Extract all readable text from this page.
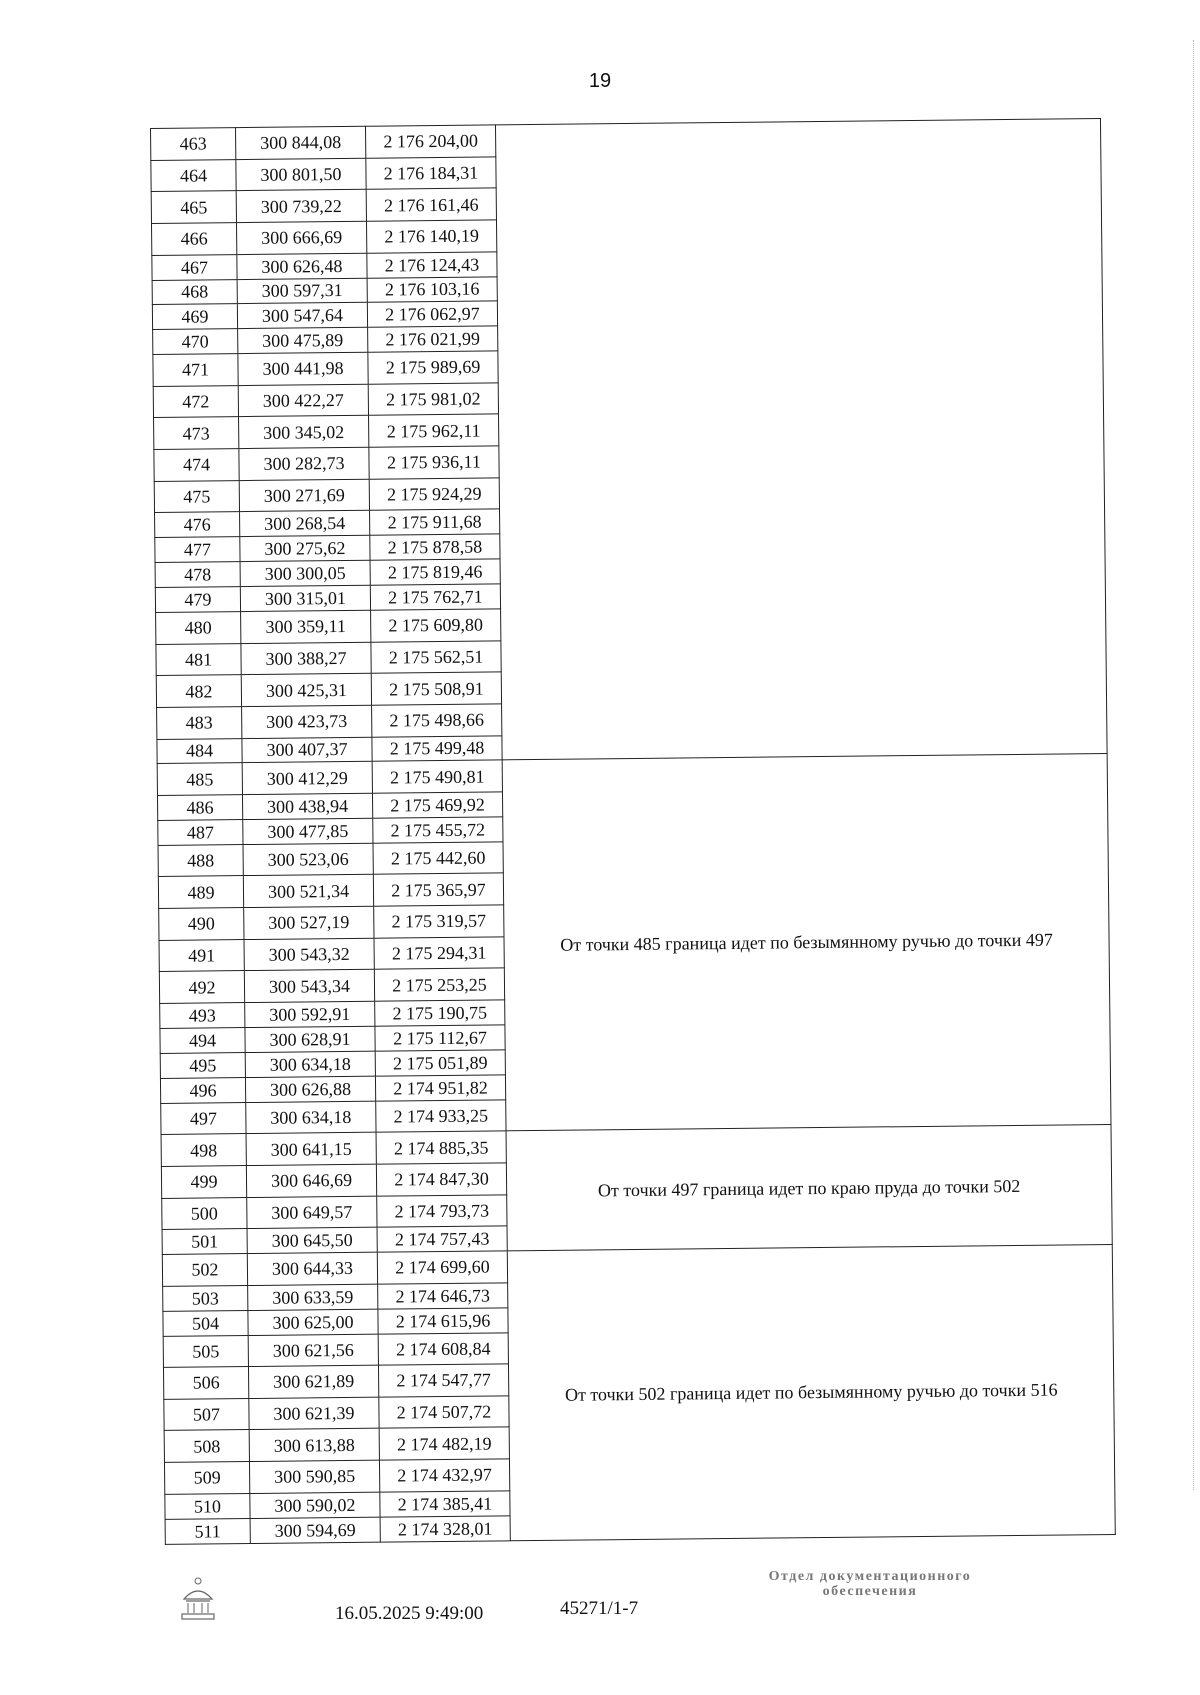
19
463	300 844,08	2 176 204,00	
464	300 801,50	2 176 184,31	
465	300 739,22	2 176 161,46	
466	300 666,69	2 176 140,19	
467	300 626,48	2 176 124,43	
468	300 597,31	2 176 103,16	
469	300 547,64	2 176 062,97	
470	300 475,89	2 176 021,99	
471	300 441,98	2 175 989,69	
472	300 422,27	2 175 981,02	
473	300 345,02	2 175 962,11	
474	300 282,73	2 175 936,11	
475	300 271,69	2 175 924,29	
476	300 268,54	2 175 911,68	
477	300 275,62	2 175 878,58	
478	300 300,05	2 175 819,46	
479	300 315,01	2 175 762,71	
480	300 359,11	2 175 609,80	
481	300 388,27	2 175 562,51	
482	300 425,31	2 175 508,91	
483	300 423,73	2 175 498,66	
484	300 407,37	2 175 499,48	
485	300 412,29	2 175 490,81	От точки 485 граница идет по безымянному ручью до точки 497
486	300 438,94	2 175 469,92	
487	300 477,85	2 175 455,72	
488	300 523,06	2 175 442,60	
489	300 521,34	2 175 365,97	
490	300 527,19	2 175 319,57	
491	300 543,32	2 175 294,31	
492	300 543,34	2 175 253,25	
493	300 592,91	2 175 190,75	
494	300 628,91	2 175 112,67	
495	300 634,18	2 175 051,89	
496	300 626,88	2 174 951,82	
497	300 634,18	2 174 933,25	
498	300 641,15	2 174 885,35	От точки 497 граница идет по краю пруда до точки 502
499	300 646,69	2 174 847,30	
500	300 649,57	2 174 793,73	
501	300 645,50	2 174 757,43	
502	300 644,33	2 174 699,60	От точки 502 граница идет по безымянному ручью до точки 516
503	300 633,59	2 174 646,73	
504	300 625,00	2 174 615,96	
505	300 621,56	2 174 608,84	
506	300 621,89	2 174 547,77	
507	300 621,39	2 174 507,72	
508	300 613,88	2 174 482,19	
509	300 590,85	2 174 432,97	
510	300 590,02	2 174 385,41	
511	300 594,69	2 174 328,01	
16.05.2025 9:49:00	45271/1-7
Отдел документационного
обеспечения
